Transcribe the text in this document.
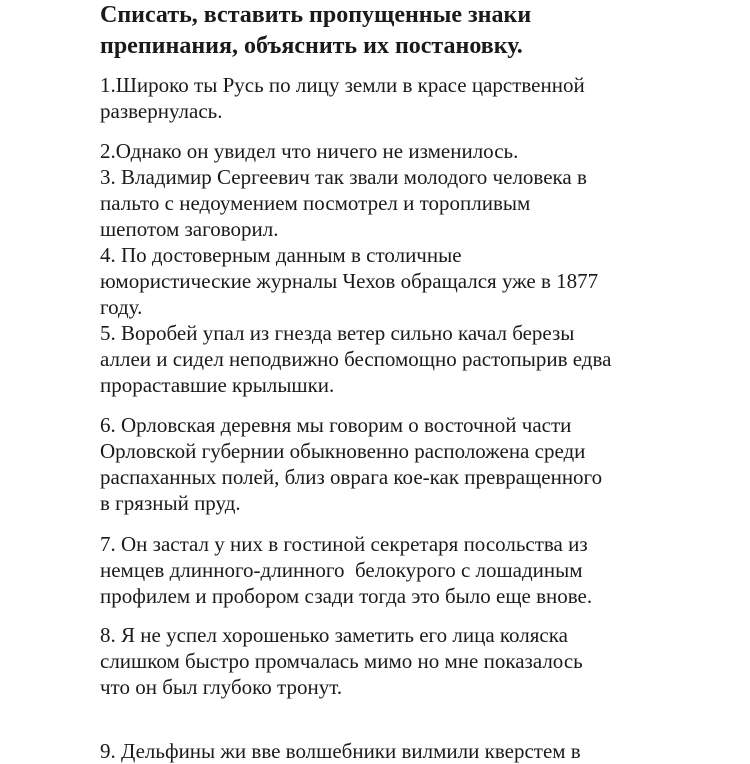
Списать, вставить пропущенные знаки
препинания, объяснить их постановку.

1.Широко ты Русь по лицу земли в красе царственной
развернулась.

2.Однако он увидел что ничего не изменилось.
3. Владимир Сергеевич так звали молодого человека в
пальто с недоумением посмотрел и торопливым
шепотом заговорил.
4. По достоверным данным в столичные
юмористические журналы Чехов обращался уже в 1877
году.
5. Воробей упал из гнезда ветер сильно качал березы
аллеи и сидел неподвижно беспомощно растопырив едва
прораставшие крылышки.

6. Орловская деревня мы говорим о восточной части
Орловской губернии обыкновенно расположена среди
распаханных полей, близ оврага кое-как превращенного
в грязный пруд.

7. Он застал у них в гостиной секретаря посольства из
немцев длинного-длинного  белокурого с лошадиным
профилем и пробором сзади тогда это было еще внове.

8. Я не успел хорошенько заметить его лица коляска
слишком быстро промчалась мимо но мне показалось
что он был глубоко тронут.

9. Дельфины жи вве волшебники вилмили кверстем в
